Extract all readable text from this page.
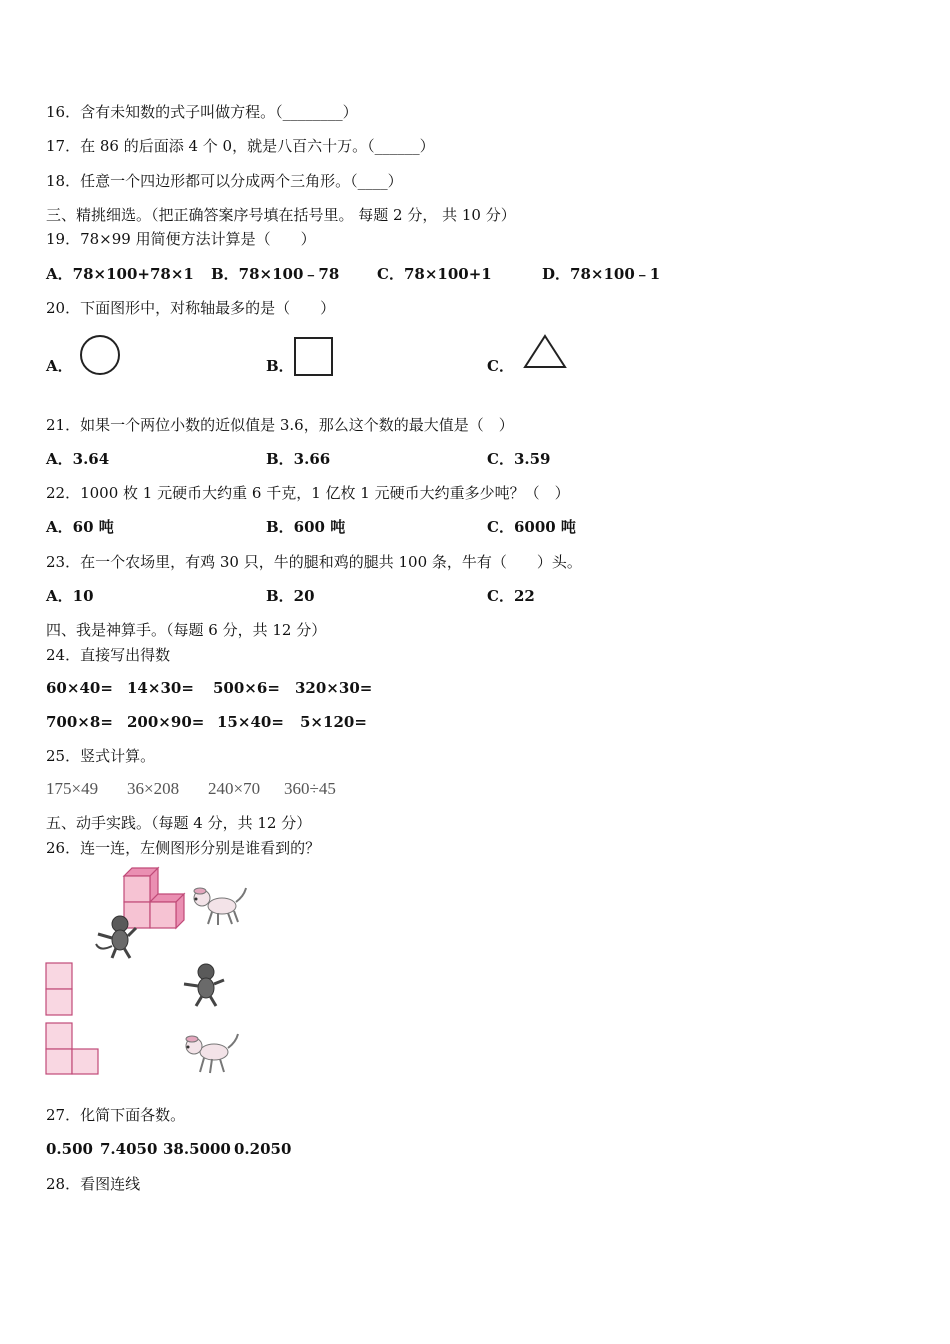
16．含有未知数的式子叫做方程。（________）
17．在 86 的后面添 4 个 0，就是八百六十万。（______）
18．任意一个四边形都可以分成两个三角形。（____）
三、精挑细选。（把正确答案序号填在括号里。 每题 2 分， 共 10 分）
19．78×99 用简便方法计算是（　　）
A．78×100+78×1 B．78×100﹣78	C．78×100+1	D．78×100﹣1
20．下面图形中，对称轴最多的是（　　）
A．	B．	C．
21．如果一个两位小数的近似值是 3.6，那么这个数的最大值是（　）
A．3.64	B．3.66	C．3.59
22．1000 枚 1 元硬币大约重 6 千克，1 亿枚 1 元硬币大约重多少吨？（　）
A．60 吨	B．600 吨	C．6000 吨
23．在一个农场里，有鸡 30 只，牛的腿和鸡的腿共 100 条，牛有（　　）头。
A．10	B．20	C．22
四、我是神算手。（每题 6 分，共 12 分）
24．直接写出得数
60×40= 14×30= 500×6= 320×30=
700×8= 200×90= 15×40= 5×120=
25．竖式计算。
175×49 36×208 240×70 360÷45
五、动手实践。（每题 4 分，共 12 分）
26．连一连，左侧图形分别是谁看到的？
27．化简下面各数。
0.500 7.4050 38.5000 0.2050
28．看图连线
